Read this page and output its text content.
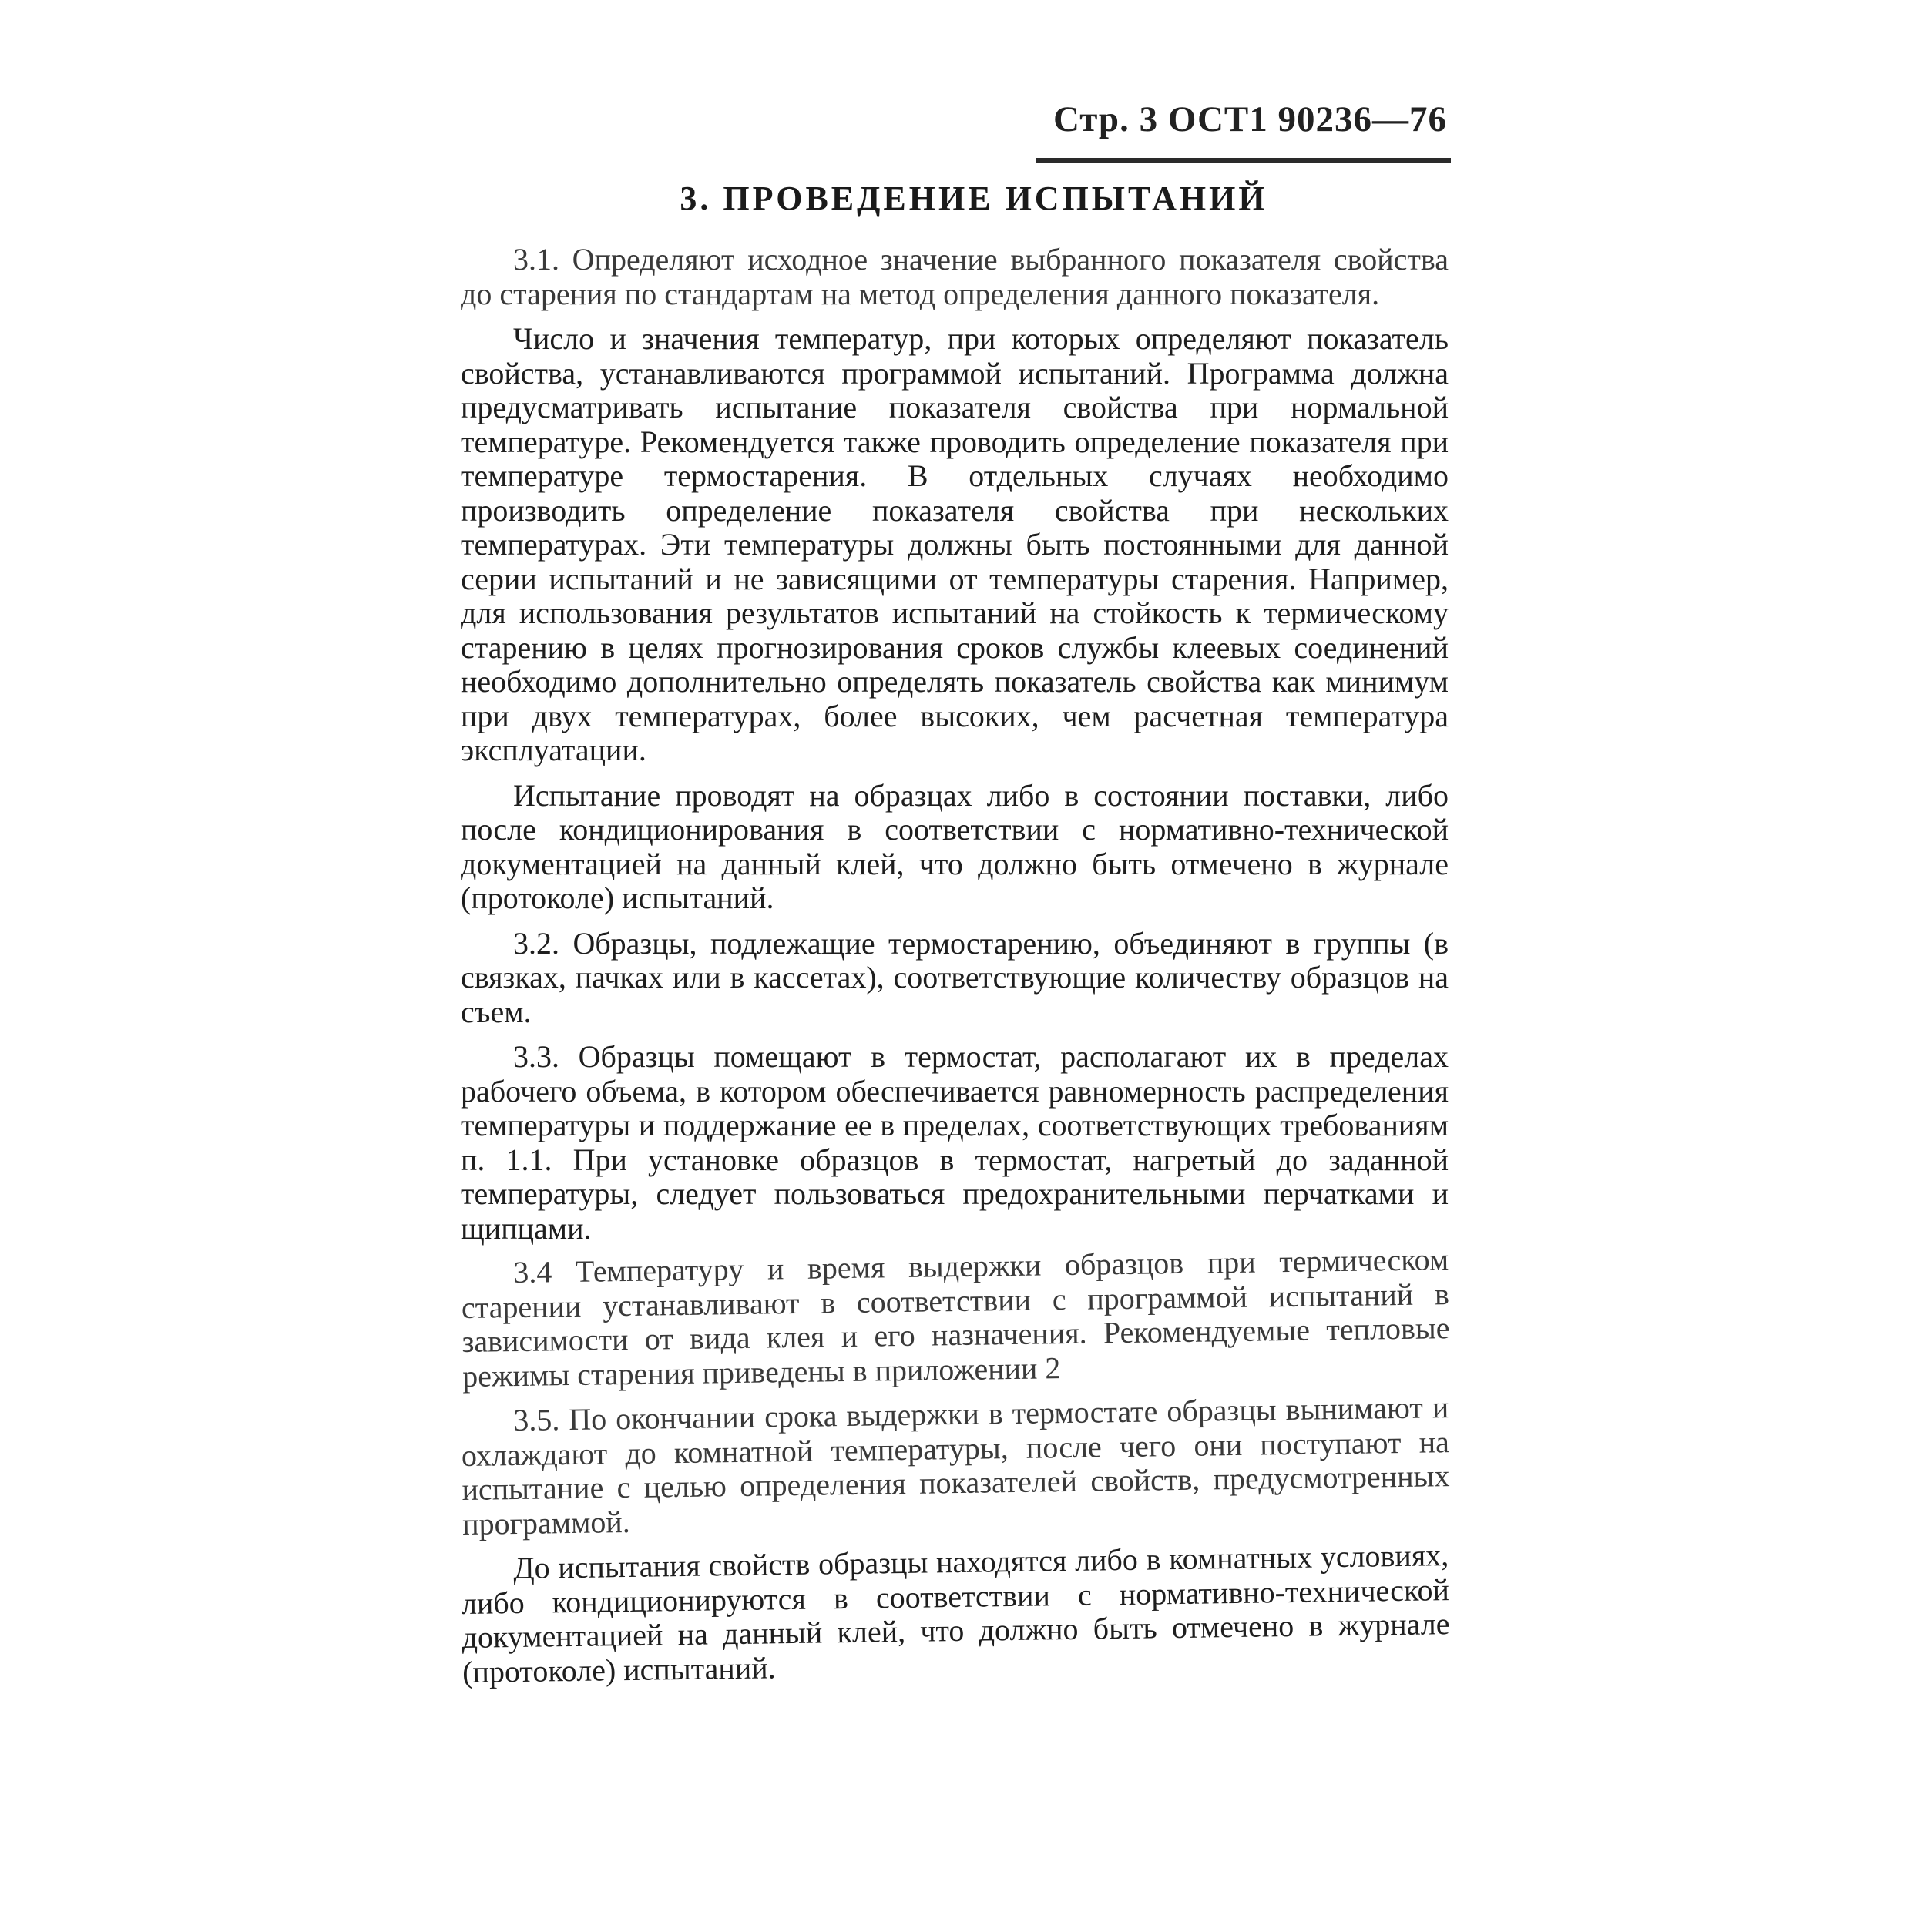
Стр. 3 ОСТ1 90236—76
3. ПРОВЕДЕНИЕ ИСПЫТАНИЙ

3.1. Определяют исходное значение выбранного показателя свойства до старения по стандартам на метод определения данного показателя.

Число и значения температур, при которых определяют показатель свойства, устанавливаются программой испытаний. Программа должна предусматривать испытание показателя свойства при нормальной температуре. Рекомендуется также проводить определение показателя при температуре термостарения. В отдельных случаях необходимо производить определение показателя свойства при нескольких температурах. Эти температуры должны быть постоянными для данной серии испытаний и не зависящими от температуры старения. Например, для использования результатов испытаний на стойкость к термическому старению в целях прогнозирования сроков службы клеевых соединений необходимо дополнительно определять показатель свойства как минимум при двух температурах, более высоких, чем расчетная температура эксплуатации.

Испытание проводят на образцах либо в состоянии поставки, либо после кондиционирования в соответствии с нормативно-технической документацией на данный клей, что должно быть отмечено в журнале (протоколе) испытаний.

3.2. Образцы, подлежащие термостарению, объединяют в группы (в связках, пачках или в кассетах), соответствующие количеству образцов на съем.

3.3. Образцы помещают в термостат, располагают их в пределах рабочего объема, в котором обеспечивается равномерность распределения температуры и поддержание ее в пределах, соответствующих требованиям п. 1.1. При установке образцов в термостат, нагретый до заданной температуры, следует пользоваться предохранительными перчатками и щипцами.

3.4 Температуру и время выдержки образцов при термическом старении устанавливают в соответствии с программой испытаний в зависимости от вида клея и его назначения. Рекомендуемые тепловые режимы старения приведены в приложении 2

3.5. По окончании срока выдержки в термостате образцы вынимают и охлаждают до комнатной температуры, после чего они поступают на испытание с целью определения показателей свойств, предусмотренных программой.

До испытания свойств образцы находятся либо в комнатных условиях, либо кондиционируются в соответствии с нормативно-технической документацией на данный клей, что должно быть отмечено в журнале (протоколе) испытаний.
